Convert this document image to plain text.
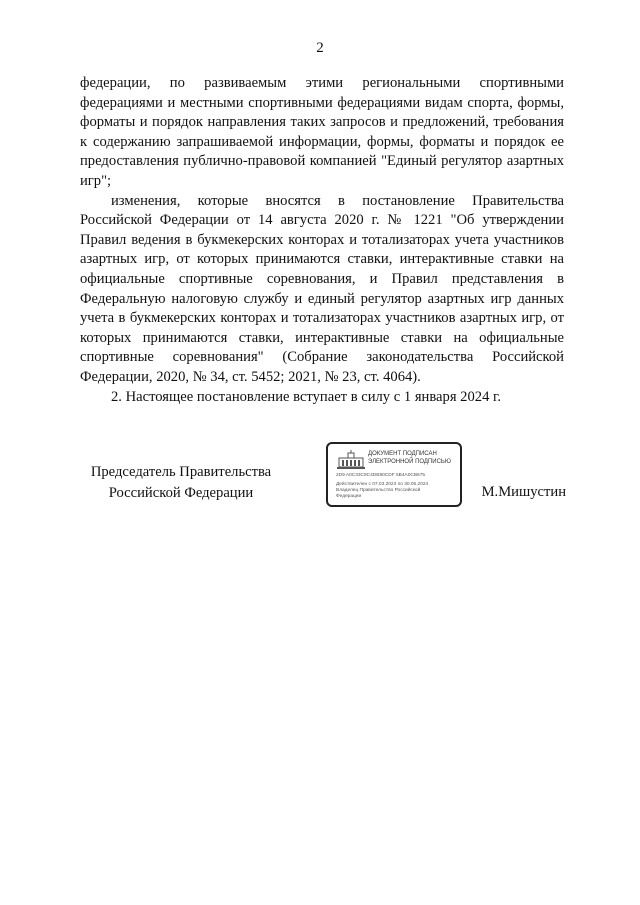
2

федерации, по развиваемым этими региональными спортивными федерациями и местными спортивными федерациями видам спорта, формы, форматы и порядок направления таких запросов и предложений, требования к содержанию запрашиваемой информации, формы, форматы и порядок ее предоставления публично-правовой компанией "Единый регулятор азартных игр";

изменения, которые вносятся в постановление Правительства Российской Федерации от 14 августа 2020 г. № 1221 "Об утверждении Правил ведения в букмекерских конторах и тотализаторах учета участников азартных игр, от которых принимаются ставки, интерактивные ставки на официальные спортивные соревнования, и Правил представления в Федеральную налоговую службу и единый регулятор азартных игр данных учета в букмекерских конторах и тотализаторах участников азартных игр, от которых принимаются ставки, интерактивные ставки на официальные спортивные соревнования" (Собрание законодательства Российской Федерации, 2020, № 34, ст. 5452; 2021, № 23, ст. 4064).

2. Настоящее постановление вступает в силу с 1 января 2024 г.

Председатель Правительства
Российской Федерации
ДОКУМЕНТ ПОДПИСАН
ЭЛЕКТРОННОЙ ПОДПИСЬЮ
2D9 A0C33C9C4DB90CDF 5B4A0CB675
Действителен с 07.03.2023 по 30.05.2024
Владелец Правительство Российской
Федерации	М.Мишустин
